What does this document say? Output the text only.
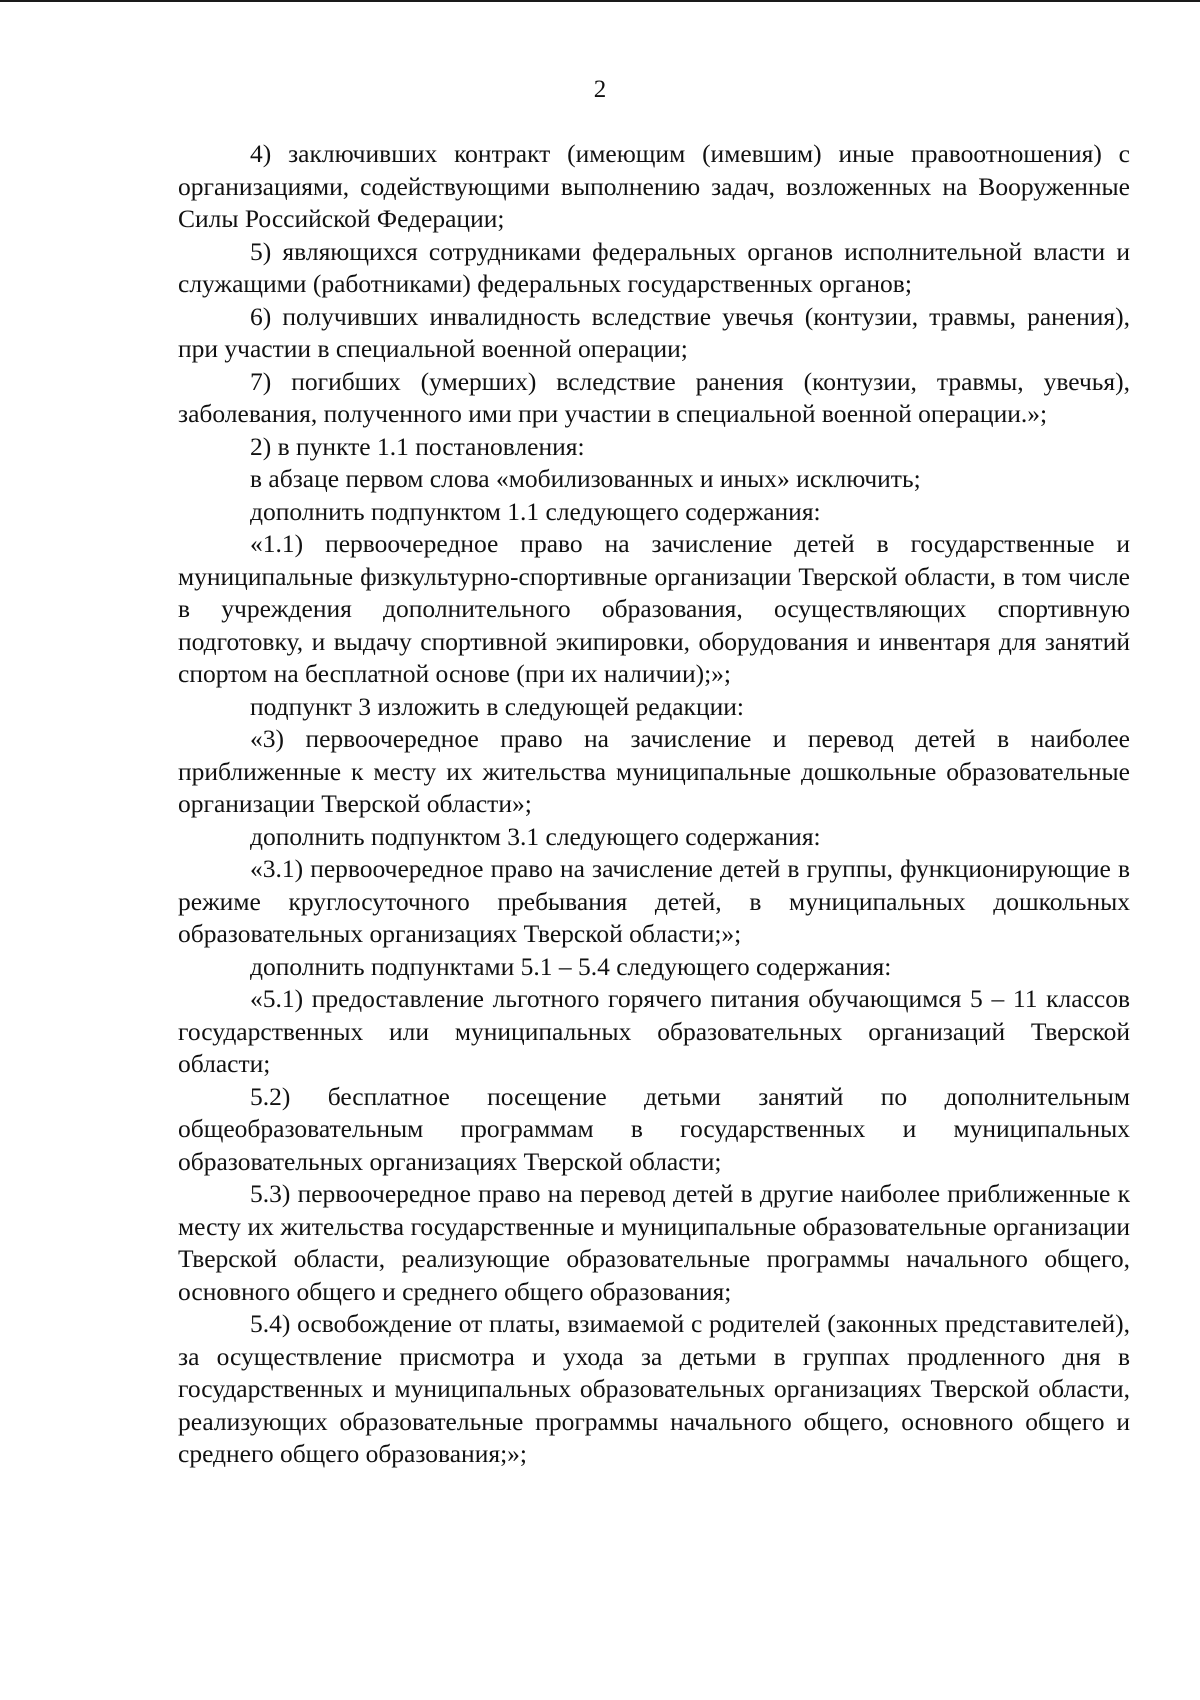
2

4) заключивших контракт (имеющим (имевшим) иные правоотношения) с организациями, содействующими выполнению задач, возложенных на Вооруженные Силы Российской Федерации;

5) являющихся сотрудниками федеральных органов исполнительной власти и служащими (работниками) федеральных государственных органов;

6) получивших инвалидность вследствие увечья (контузии, травмы, ранения), при участии в специальной военной операции;

7) погибших (умерших) вследствие ранения (контузии, травмы, увечья), заболевания, полученного ими при участии в специальной военной операции.»;

2) в пункте 1.1 постановления:

в абзаце первом слова «мобилизованных и иных» исключить;

дополнить подпунктом 1.1 следующего содержания:

«1.1) первоочередное право на зачисление детей в государственные и муниципальные физкультурно-спортивные организации Тверской области, в том числе в учреждения дополнительного образования, осуществляющих спортивную подготовку, и выдачу спортивной экипировки, оборудования и инвентаря для занятий спортом на бесплатной основе (при их наличии);»;

подпункт 3 изложить в следующей редакции:

«3) первоочередное право на зачисление и перевод детей в наиболее приближенные к месту их жительства муниципальные дошкольные образовательные организации Тверской области»;

дополнить подпунктом 3.1 следующего содержания:

«3.1) первоочередное право на зачисление детей в группы, функционирующие в режиме круглосуточного пребывания детей, в муниципальных дошкольных образовательных организациях Тверской области;»;

дополнить подпунктами 5.1 – 5.4 следующего содержания:

«5.1) предоставление льготного горячего питания обучающимся 5 – 11 классов государственных или муниципальных образовательных организаций Тверской области;

5.2) бесплатное посещение детьми занятий по дополнительным общеобразовательным программам в государственных и муниципальных образовательных организациях Тверской области;

5.3) первоочередное право на перевод детей в другие наиболее приближенные к месту их жительства государственные и муниципальные образовательные организации Тверской области, реализующие образовательные программы начального общего, основного общего и среднего общего образования;

5.4) освобождение от платы, взимаемой с родителей (законных представителей), за осуществление присмотра и ухода за детьми в группах продленного дня в государственных и муниципальных образовательных организациях Тверской области, реализующих образовательные программы начального общего, основного общего и среднего общего образования;»;
